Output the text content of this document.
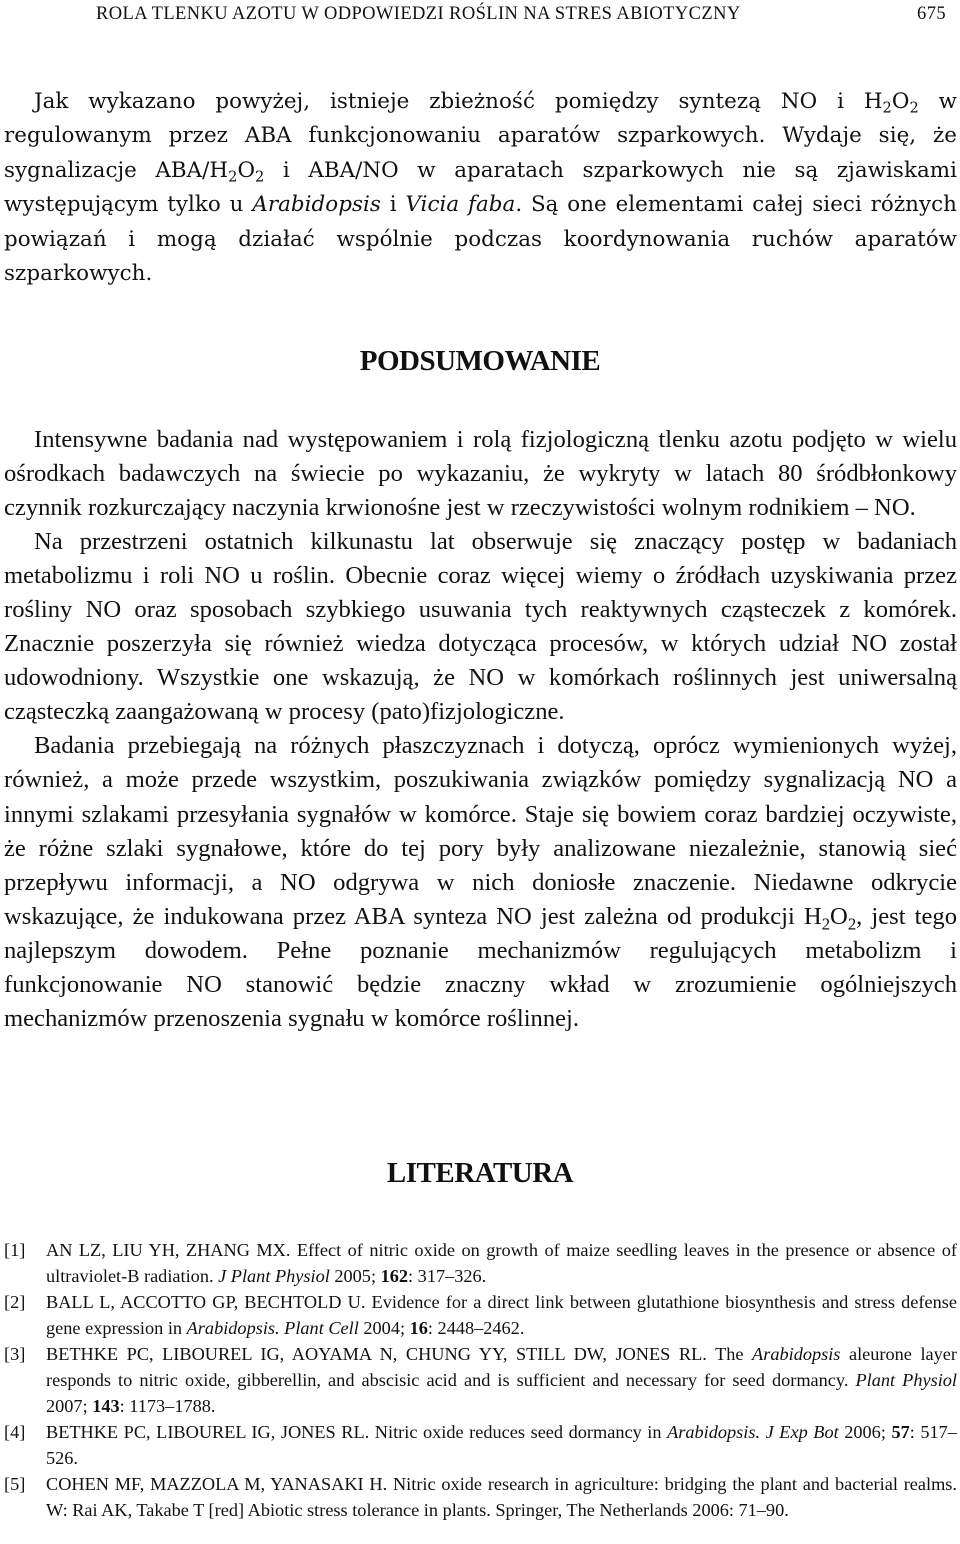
ROLA TLENKU AZOTU W ODPOWIEDZI ROŚLIN NA STRES ABIOTYCZNY	675

Jak wykazano powyżej, istnieje zbieżność pomiędzy syntezą NO i $H_2O_2$ w regulowanym przez ABA funkcjonowaniu aparatów szparkowych. Wydaje się, że sygnalizacje ABA/$H_2O_2$ i ABA/NO w aparatach szparkowych nie są zjawiskami występującym tylko u Arabidopsis i Vicia faba. Są one elementami całej sieci różnych powiązań i mogą działać wspólnie podczas koordynowania ruchów aparatów szparkowych.

PODSUMOWANIE

Intensywne badania nad występowaniem i rolą fizjologiczną tlenku azotu podjęto w wielu ośrodkach badawczych na świecie po wykazaniu, że wykryty w latach 80 śródbłonkowy czynnik rozkurczający naczynia krwionośne jest w rzeczywistości wolnym rodnikiem – NO.

Na przestrzeni ostatnich kilkunastu lat obserwuje się znaczący postęp w badaniach metabolizmu i roli NO u roślin. Obecnie coraz więcej wiemy o źródłach uzyskiwania przez rośliny NO oraz sposobach szybkiego usuwania tych reaktywnych cząsteczek z komórek. Znacznie poszerzyła się również wiedza dotycząca procesów, w których udział NO został udowodniony. Wszystkie one wskazują, że NO w komórkach roślinnych jest uniwersalną cząsteczką zaangażowaną w procesy (pato)fizjologiczne.

Badania przebiegają na różnych płaszczyznach i dotyczą, oprócz wymienionych wyżej, również, a może przede wszystkim, poszukiwania związków pomiędzy sygnalizacją NO a innymi szlakami przesyłania sygnałów w komórce. Staje się bowiem coraz bardziej oczywiste, że różne szlaki sygnałowe, które do tej pory były analizowane niezależnie, stanowią sieć przepływu informacji, a NO odgrywa w nich doniosłe znaczenie. Niedawne odkrycie wskazujące, że indukowana przez ABA synteza NO jest zależna od produkcji $H_2O_2$, jest tego najlepszym dowodem. Pełne poznanie mechanizmów regulujących metabolizm i funkcjonowanie NO stanowić będzie znaczny wkład w zrozumienie ogólniejszych mechanizmów przenoszenia sygnału w komórce roślinnej.

LITERATURA
[1] AN LZ, LIU YH, ZHANG MX. Effect of nitric oxide on growth of maize seedling leaves in the presence or absence of ultraviolet-B radiation. J Plant Physiol 2005; 162: 317–326.
[2] BALL L, ACCOTTO GP, BECHTOLD U. Evidence for a direct link between glutathione biosynthesis and stress defense gene expression in Arabidopsis. Plant Cell 2004; 16: 2448–2462.
[3] BETHKE PC, LIBOUREL IG, AOYAMA N, CHUNG YY, STILL DW, JONES RL. The Arabidopsis aleurone layer responds to nitric oxide, gibberellin, and abscisic acid and is sufficient and necessary for seed dormancy. Plant Physiol 2007; 143: 1173–1788.
[4] BETHKE PC, LIBOUREL IG, JONES RL. Nitric oxide reduces seed dormancy in Arabidopsis. J Exp Bot 2006; 57: 517–526.
[5] COHEN MF, MAZZOLA M, YANASAKI H. Nitric oxide research in agriculture: bridging the plant and bacterial realms. W: Rai AK, Takabe T [red] Abiotic stress tolerance in plants. Springer, The Netherlands 2006: 71–90.
